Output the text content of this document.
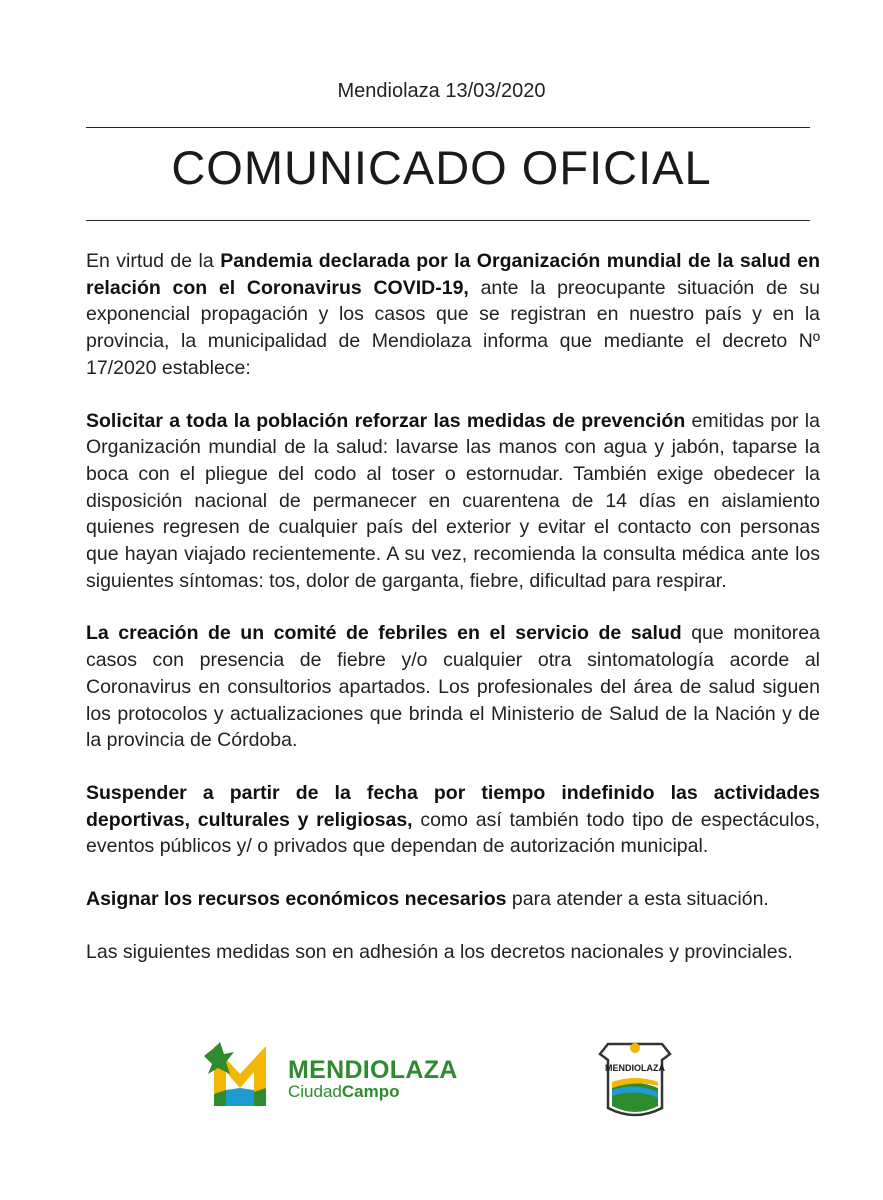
Mendiolaza 13/03/2020
COMUNICADO OFICIAL

En virtud de la Pandemia declarada por la Organización mundial de la salud en relación con el Coronavirus COVID-19, ante la preocupante situación de su exponencial propagación y los casos que se registran en nuestro país y en la provincia, la municipalidad de Mendiolaza informa que mediante el decreto Nº 17/2020 establece:

Solicitar a toda la población reforzar las medidas de prevención emitidas por la Organización mundial de la salud: lavarse las manos con agua y jabón, taparse la boca con el pliegue del codo al toser o estornudar. También exige obedecer la disposición nacional de permanecer en cuarentena de 14 días en aislamiento quienes regresen de cualquier país del exterior y evitar el contacto con personas que hayan viajado recientemente. A su vez, recomienda la consulta médica ante los siguientes síntomas: tos, dolor de garganta, fiebre, dificultad para respirar.

La creación de un comité de febriles en el servicio de salud que monitorea casos con presencia de fiebre y/o cualquier otra sintomatología acorde al Coronavirus en consultorios apartados. Los profesionales del área de salud siguen los protocolos y actualizaciones que brinda el Ministerio de Salud de la Nación y de la provincia de Córdoba.

Suspender a partir de la fecha por tiempo indefinido las actividades deportivas, culturales y religiosas, como así también todo tipo de espectáculos, eventos públicos y/ o privados que dependan de autorización municipal.

Asignar los recursos económicos necesarios para atender a esta situación.

Las siguientes medidas son en adhesión a los decretos nacionales y provinciales.

MENDIOLAZA
CiudadCampo
MENDIOLAZA
